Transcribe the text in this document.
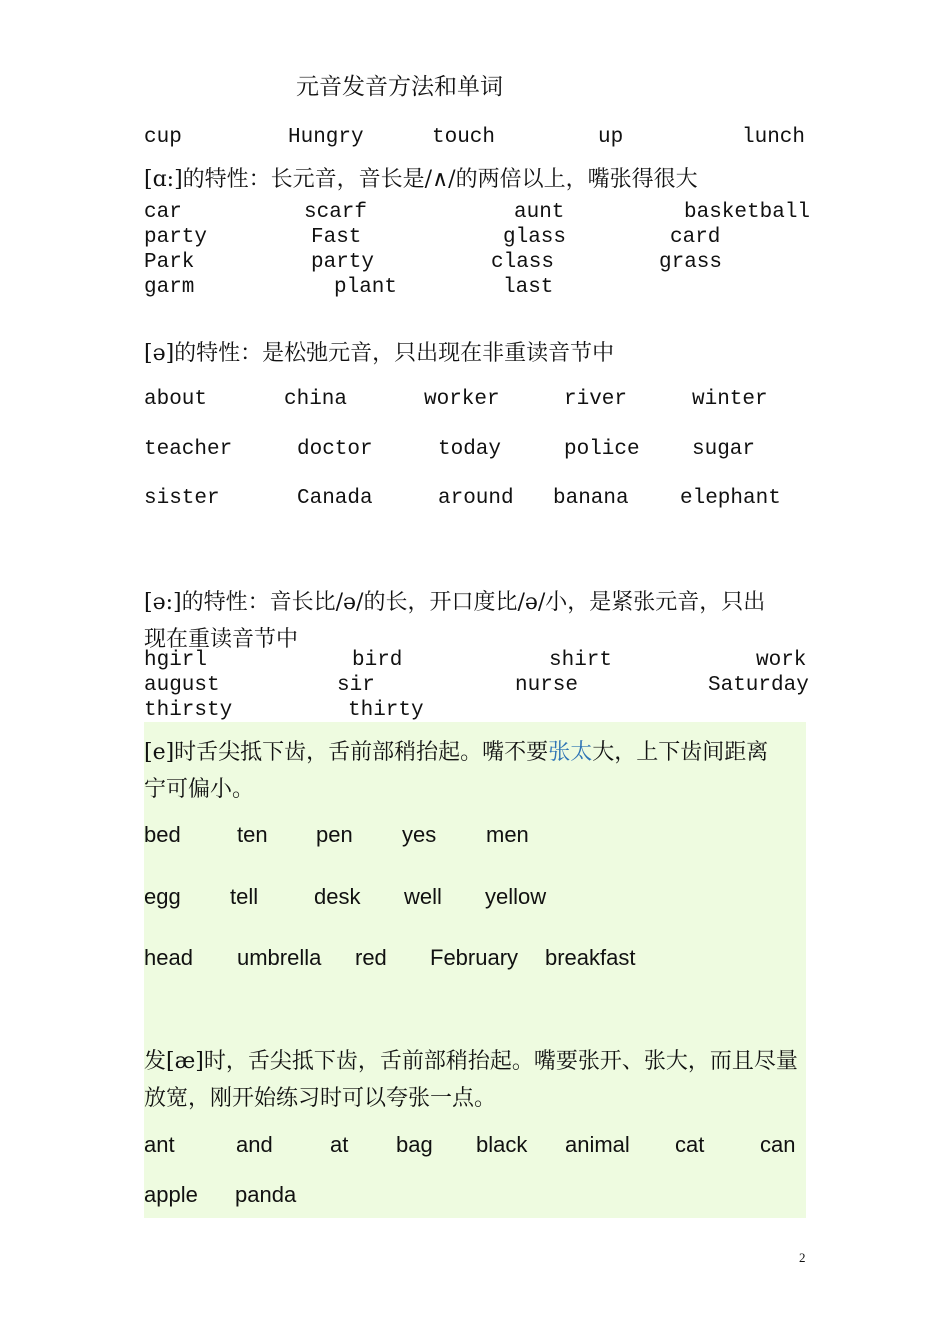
元音发音方法和单词
cup	Hungry	touch	up	lunch
[ɑ:]的特性：长元音，音长是/∧/的两倍以上，嘴张得很大
car	scarf	aunt	basketball
party	Fast	glass	card
Park	party	class	grass
garm	plant	last
[ə]的特性：是松弛元音，只出现在非重读音节中
about	china	worker	river	winter
teacher	doctor	today	police sugar
sister	Canada	around banana elephant
[ə:]的特性：音长比/ə/的长，开口度比/ə/小，是紧张元音，只出
现在重读音节中
hgirl	bird	shirt	work
august	sir	nurse	Saturday
thirsty	thirty
[e]时舌尖抵下齿，舌前部稍抬起。嘴不要张太大，上下齿间距离
宁可偏小。
bed	ten pen yes men
egg tell	desk well yellow
head umbrella red February breakfast
发[æ]时，舌尖抵下齿，舌前部稍抬起。嘴要张开、张大，而且尽量
放宽，刚开始练习时可以夸张一点。
ant	and	at bag black animal cat	can
apple panda
2
